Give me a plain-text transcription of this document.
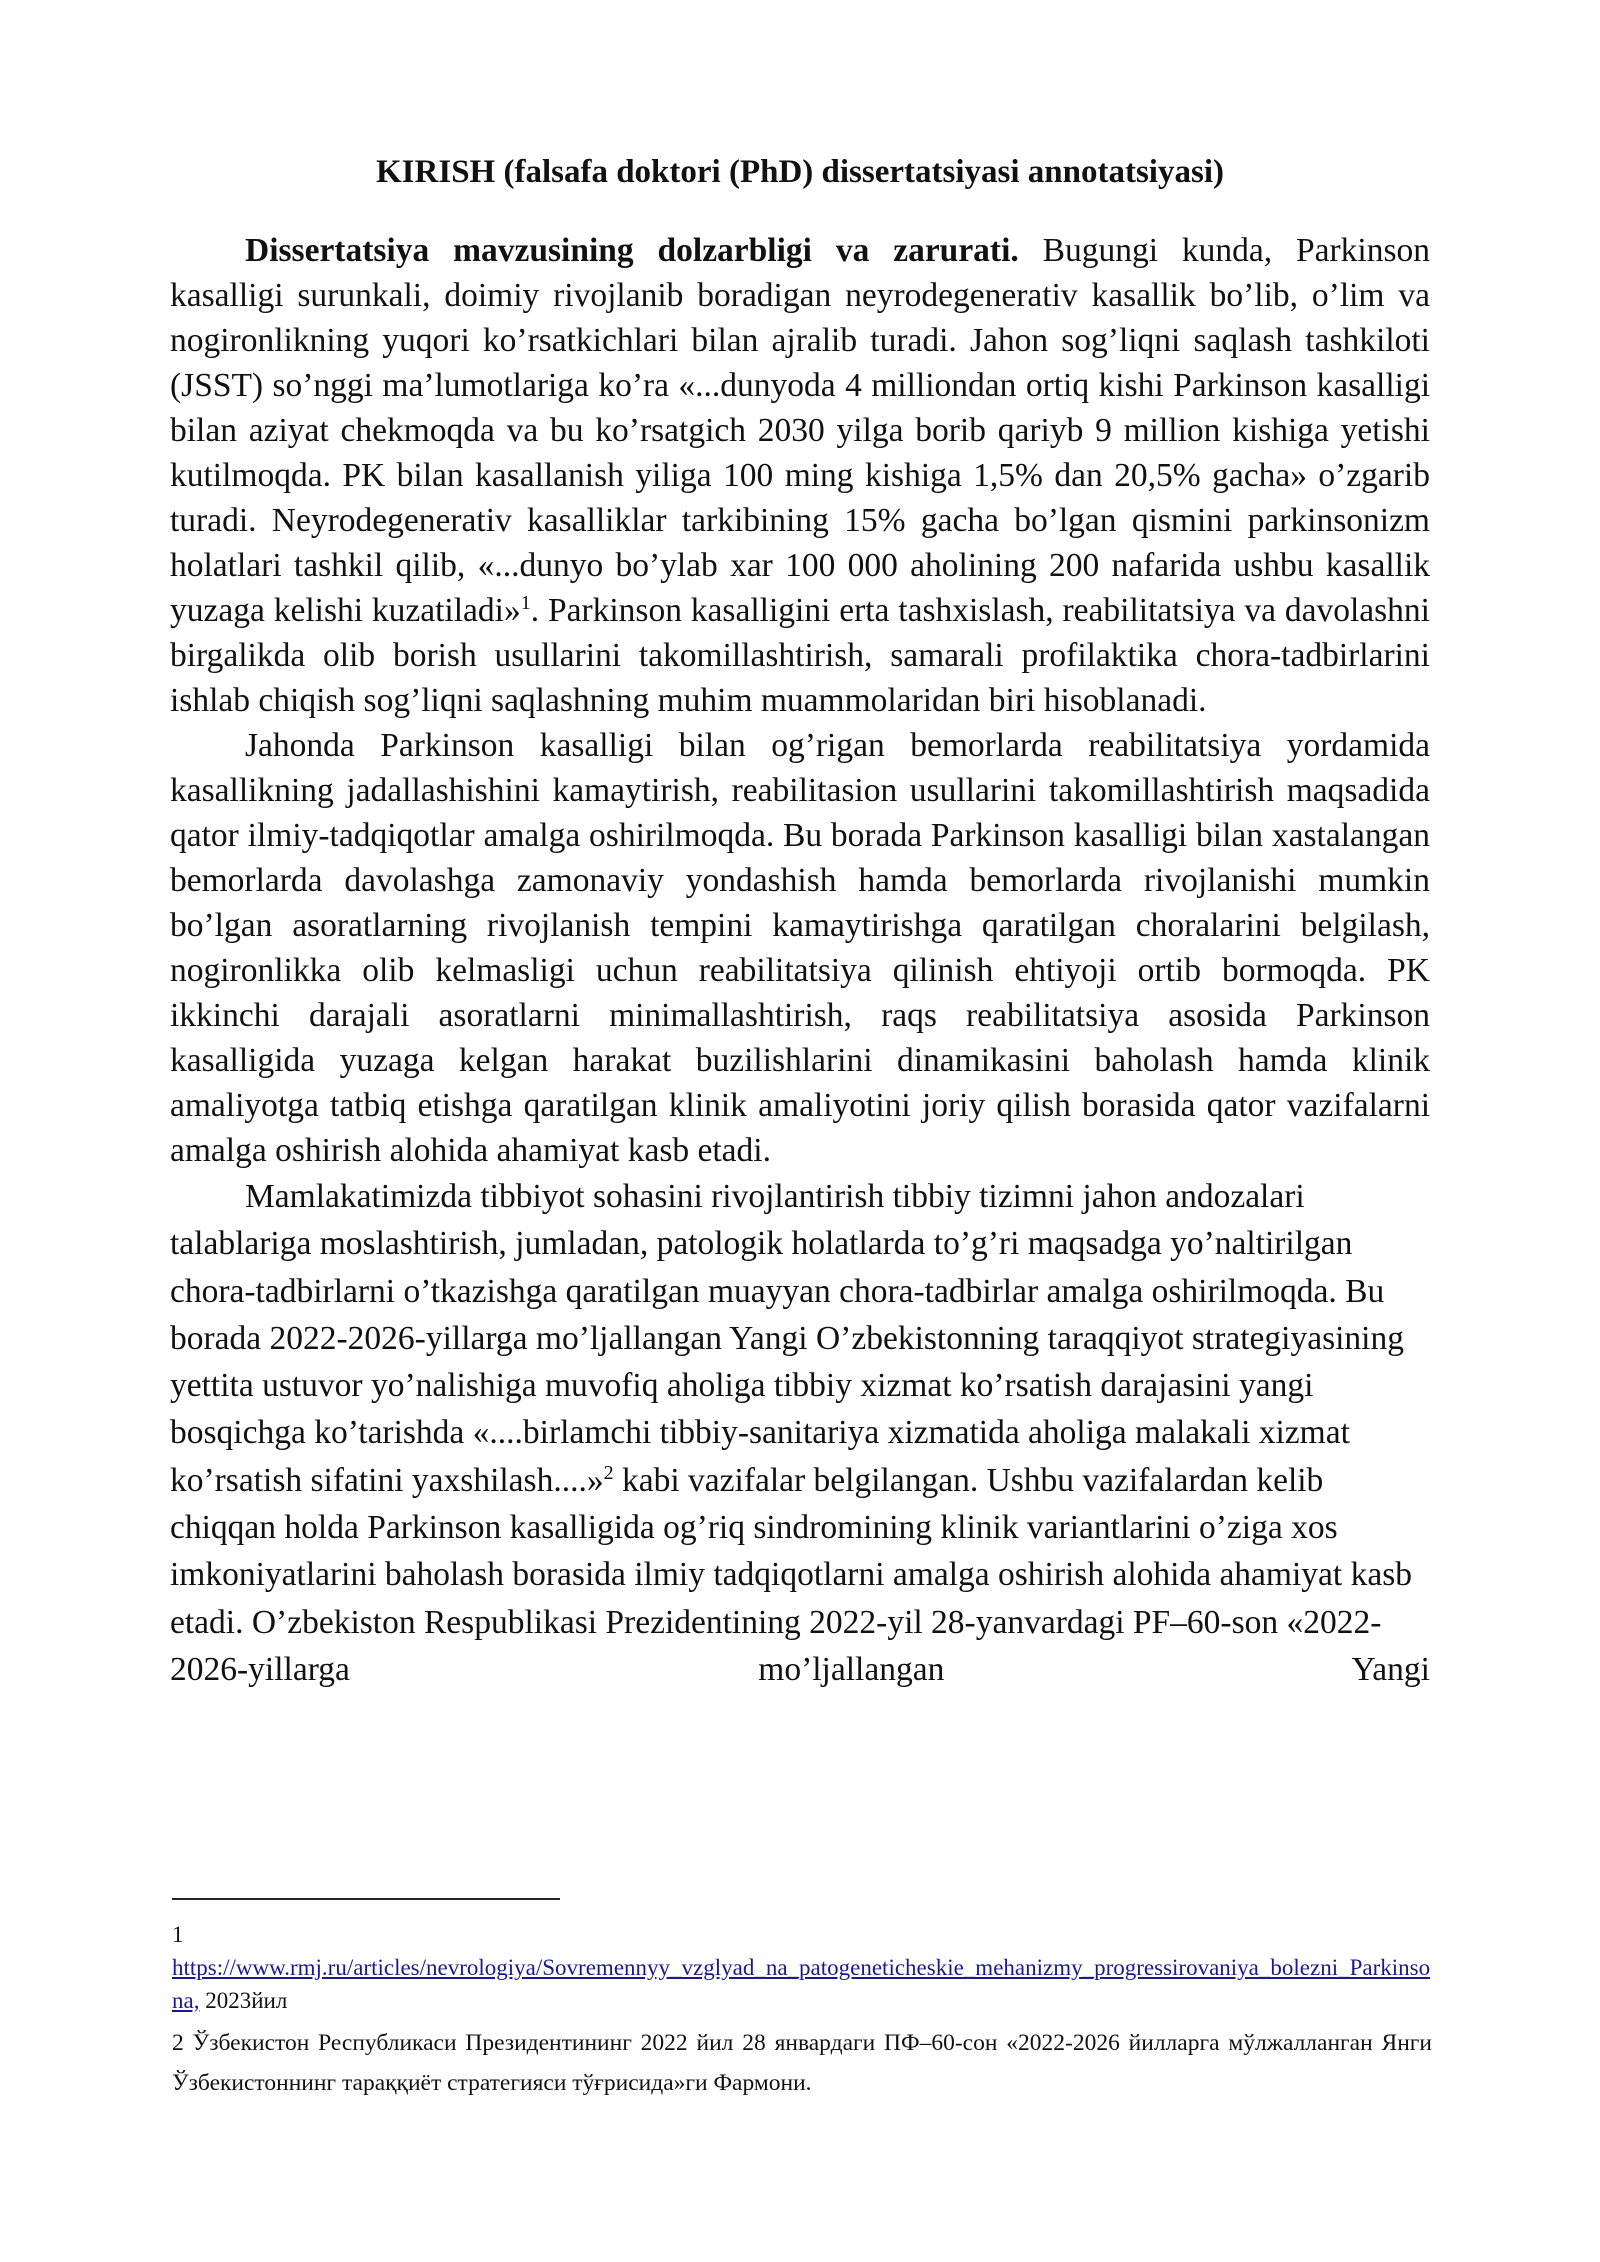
KIRISH (falsafa doktori (PhD) dissertatsiyasi annotatsiyasi)

Dissertatsiya mavzusining dolzarbligi va zarurati. Bugungi kunda, Parkinson kasalligi surunkali, doimiy rivojlanib boradigan neyrodegenerativ kasallik bo’lib, o’lim va nogironlikning yuqori ko’rsatkichlari bilan ajralib turadi. Jahon sog’liqni saqlash tashkiloti (JSST) so’nggi ma’lumotlariga ko’ra «...dunyoda 4 milliondan ortiq kishi Parkinson kasalligi bilan aziyat chekmoqda va bu ko’rsatgich 2030 yilga borib qariyb 9 million kishiga yetishi kutilmoqda. PK bilan kasallanish yiliga 100 ming kishiga 1,5% dan 20,5% gacha» o’zgarib turadi. Neyrodegenerativ kasalliklar tarkibining 15% gacha bo’lgan qismini parkinsonizm holatlari tashkil qilib, «...dunyo bo’ylab xar 100 000 aholining 200 nafarida ushbu kasallik yuzaga kelishi kuzatiladi»$^1$. Parkinson kasalligini erta tashxislash, reabilitatsiya va davolashni birgalikda olib borish usullarini takomillashtirish, samarali profilaktika chora-tadbirlarini ishlab chiqish sog’liqni saqlashning muhim muammolaridan biri hisoblanadi.

Jahonda Parkinson kasalligi bilan og’rigan bemorlarda reabilitatsiya yordamida kasallikning jadallashishini kamaytirish, reabilitasion usullarini takomillashtirish maqsadida qator ilmiy-tadqiqotlar amalga oshirilmoqda. Bu borada Parkinson kasalligi bilan xastalangan bemorlarda davolashga zamonaviy yondashish hamda bemorlarda rivojlanishi mumkin bo’lgan asoratlarning rivojlanish tempini kamaytirishga qaratilgan choralarini belgilash, nogironlikka olib kelmasligi uchun reabilitatsiya qilinish ehtiyoji ortib bormoqda. PK ikkinchi darajali asoratlarni minimallashtirish, raqs reabilitatsiya asosida Parkinson kasalligida yuzaga kelgan harakat buzilishlarini dinamikasini baholash hamda klinik amaliyotga tatbiq etishga qaratilgan klinik amaliyotini joriy qilish borasida qator vazifalarni amalga oshirish alohida ahamiyat kasb etadi.

Mamlakatimizda tibbiyot sohasini rivojlantirish tibbiy tizimni jahon andozalari talablariga moslashtirish, jumladan, patologik holatlarda to’g’ri maqsadga yo’naltirilgan chora-tadbirlarni o’tkazishga qaratilgan muayyan chora-tadbirlar amalga oshirilmoqda. Bu borada 2022-2026-yillarga mo’ljallangan Yangi O’zbekistonning taraqqiyot strategiyasining yettita ustuvor yo’nalishiga muvofiq aholiga tibbiy xizmat ko’rsatish darajasini yangi bosqichga ko’tarishda «....birlamchi tibbiy-sanitariya xizmatida aholiga malakali xizmat ko’rsatish sifatini yaxshilash....»$^2$ kabi vazifalar belgilangan. Ushbu vazifalardan kelib chiqqan holda Parkinson kasalligida og’riq sindromining klinik variantlarini o’ziga xos imkoniyatlarini baholash borasida ilmiy tadqiqotlarni amalga oshirish alohida ahamiyat kasb etadi. O’zbekiston Respublikasi Prezidentining 2022-yil 28-yanvardagi PF–60-son «2022-2026-yillarga mo’ljallangan Yangi

1
https://www.rmj.ru/articles/nevrologiya/Sovremennyy_vzglyad_na_patogeneticheskie_mehanizmy_progressirovaniya_bolezni_Parkinsona, 2023йил

2 Ўзбекистон Республикаси Президентининг 2022 йил 28 январдаги ПФ–60-сон «2022-2026 йилларга мўлжалланган Янги Ўзбекистоннинг тараққиёт стратегияси тўғрисида»ги Фармони.
